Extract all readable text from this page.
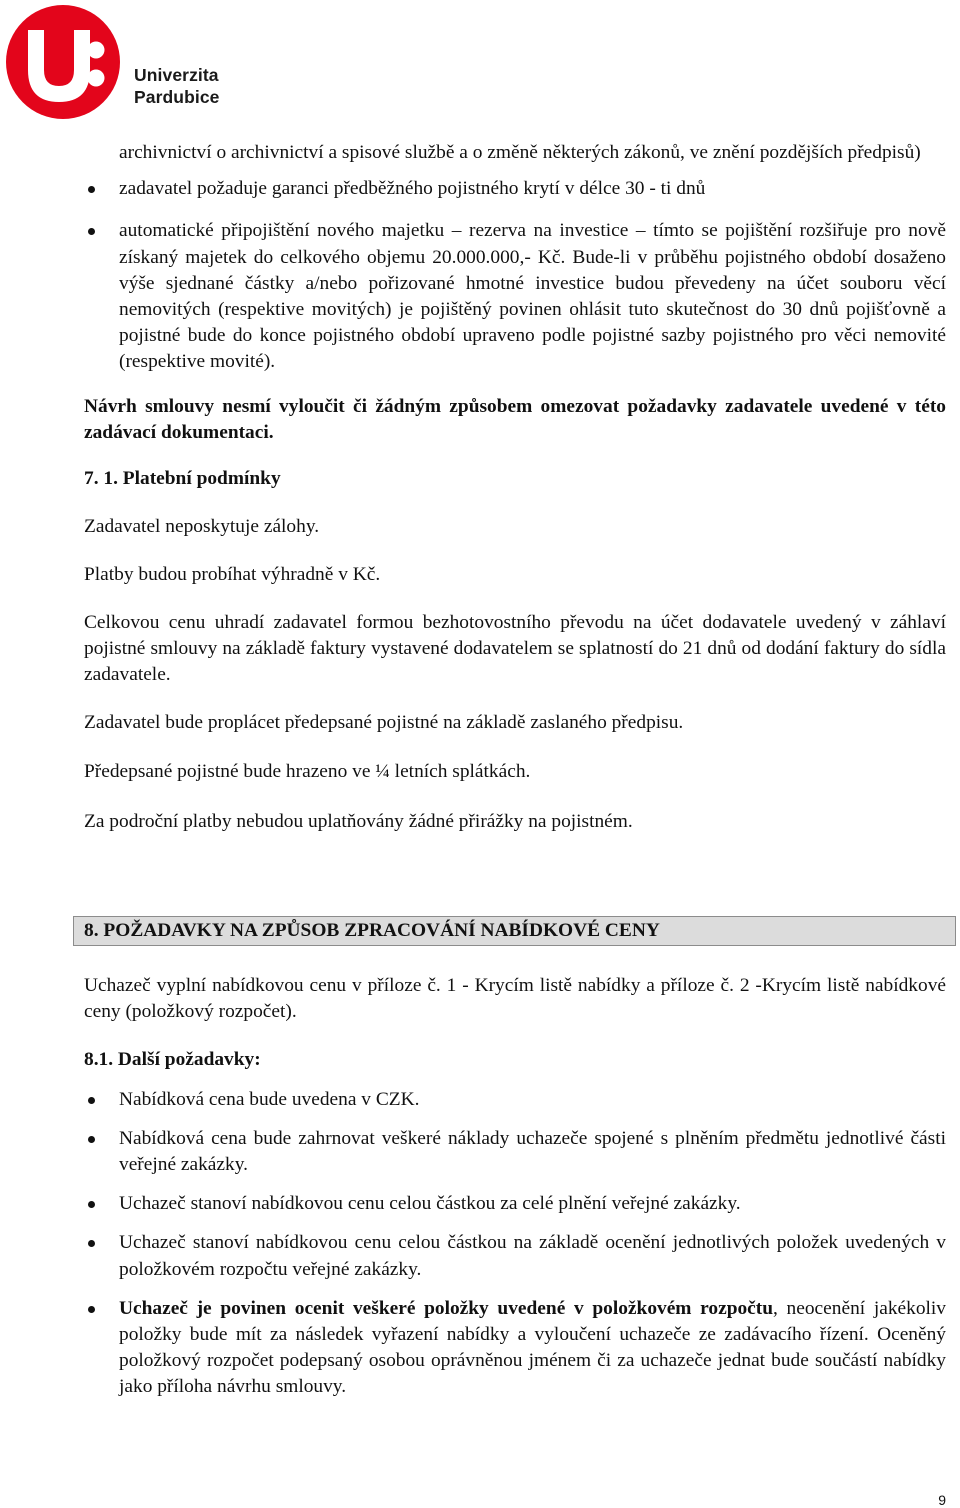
Univerzita
Pardubice

archivnictví o archivnictví a spisové službě a o změně některých zákonů, ve znění pozdějších předpisů)

zadavatel požaduje garanci předběžného pojistného krytí v délce 30 - ti dnů

automatické připojištění nového majetku – rezerva na investice – tímto se pojištění rozšiřuje pro nově získaný majetek do celkového objemu 20.000.000,- Kč. Bude-li v průběhu pojistného období dosaženo výše sjednané částky a/nebo pořizované hmotné investice budou převedeny na účet souboru věcí nemovitých (respektive movitých) je pojištěný povinen ohlásit tuto skutečnost do 30 dnů pojišťovně a pojistné bude do konce pojistného období upraveno podle pojistné sazby pojistného pro věci nemovité (respektive movité).

Návrh smlouvy nesmí vyloučit či žádným způsobem omezovat požadavky zadavatele uvedené v této zadávací dokumentaci.

7. 1. Platební podmínky

Zadavatel neposkytuje zálohy.

Platby budou probíhat výhradně v Kč.

Celkovou cenu uhradí zadavatel formou bezhotovostního převodu na účet dodavatele uvedený v záhlaví pojistné smlouvy na základě faktury vystavené dodavatelem se splatností do 21 dnů od dodání faktury do sídla zadavatele.

Zadavatel bude proplácet předepsané pojistné na základě zaslaného předpisu.

Předepsané pojistné bude hrazeno ve ¼ letních splátkách.

Za področní platby nebudou uplatňovány žádné přirážky na pojistném.

8. POŽADAVKY NA ZPŮSOB ZPRACOVÁNÍ NABÍDKOVÉ CENY

Uchazeč vyplní nabídkovou cenu v příloze č. 1 - Krycím listě nabídky a příloze č. 2 -Krycím listě nabídkové ceny (položkový rozpočet).

8.1. Další požadavky:

Nabídková cena bude uvedena v CZK.

Nabídková cena bude zahrnovat veškeré náklady uchazeče spojené s plněním předmětu jednotlivé části veřejné zakázky.

Uchazeč stanoví nabídkovou cenu celou částkou za celé plnění veřejné zakázky.

Uchazeč stanoví nabídkovou cenu celou částkou na základě ocenění jednotlivých položek uvedených v položkovém rozpočtu veřejné zakázky.

Uchazeč je povinen ocenit veškeré položky uvedené v položkovém rozpočtu, neocenění jakékoliv položky bude mít za následek vyřazení nabídky a vyloučení uchazeče ze zadávacího řízení. Oceněný položkový rozpočet podepsaný osobou oprávněnou jménem či za uchazeče jednat bude součástí nabídky jako příloha návrhu smlouvy.

9
